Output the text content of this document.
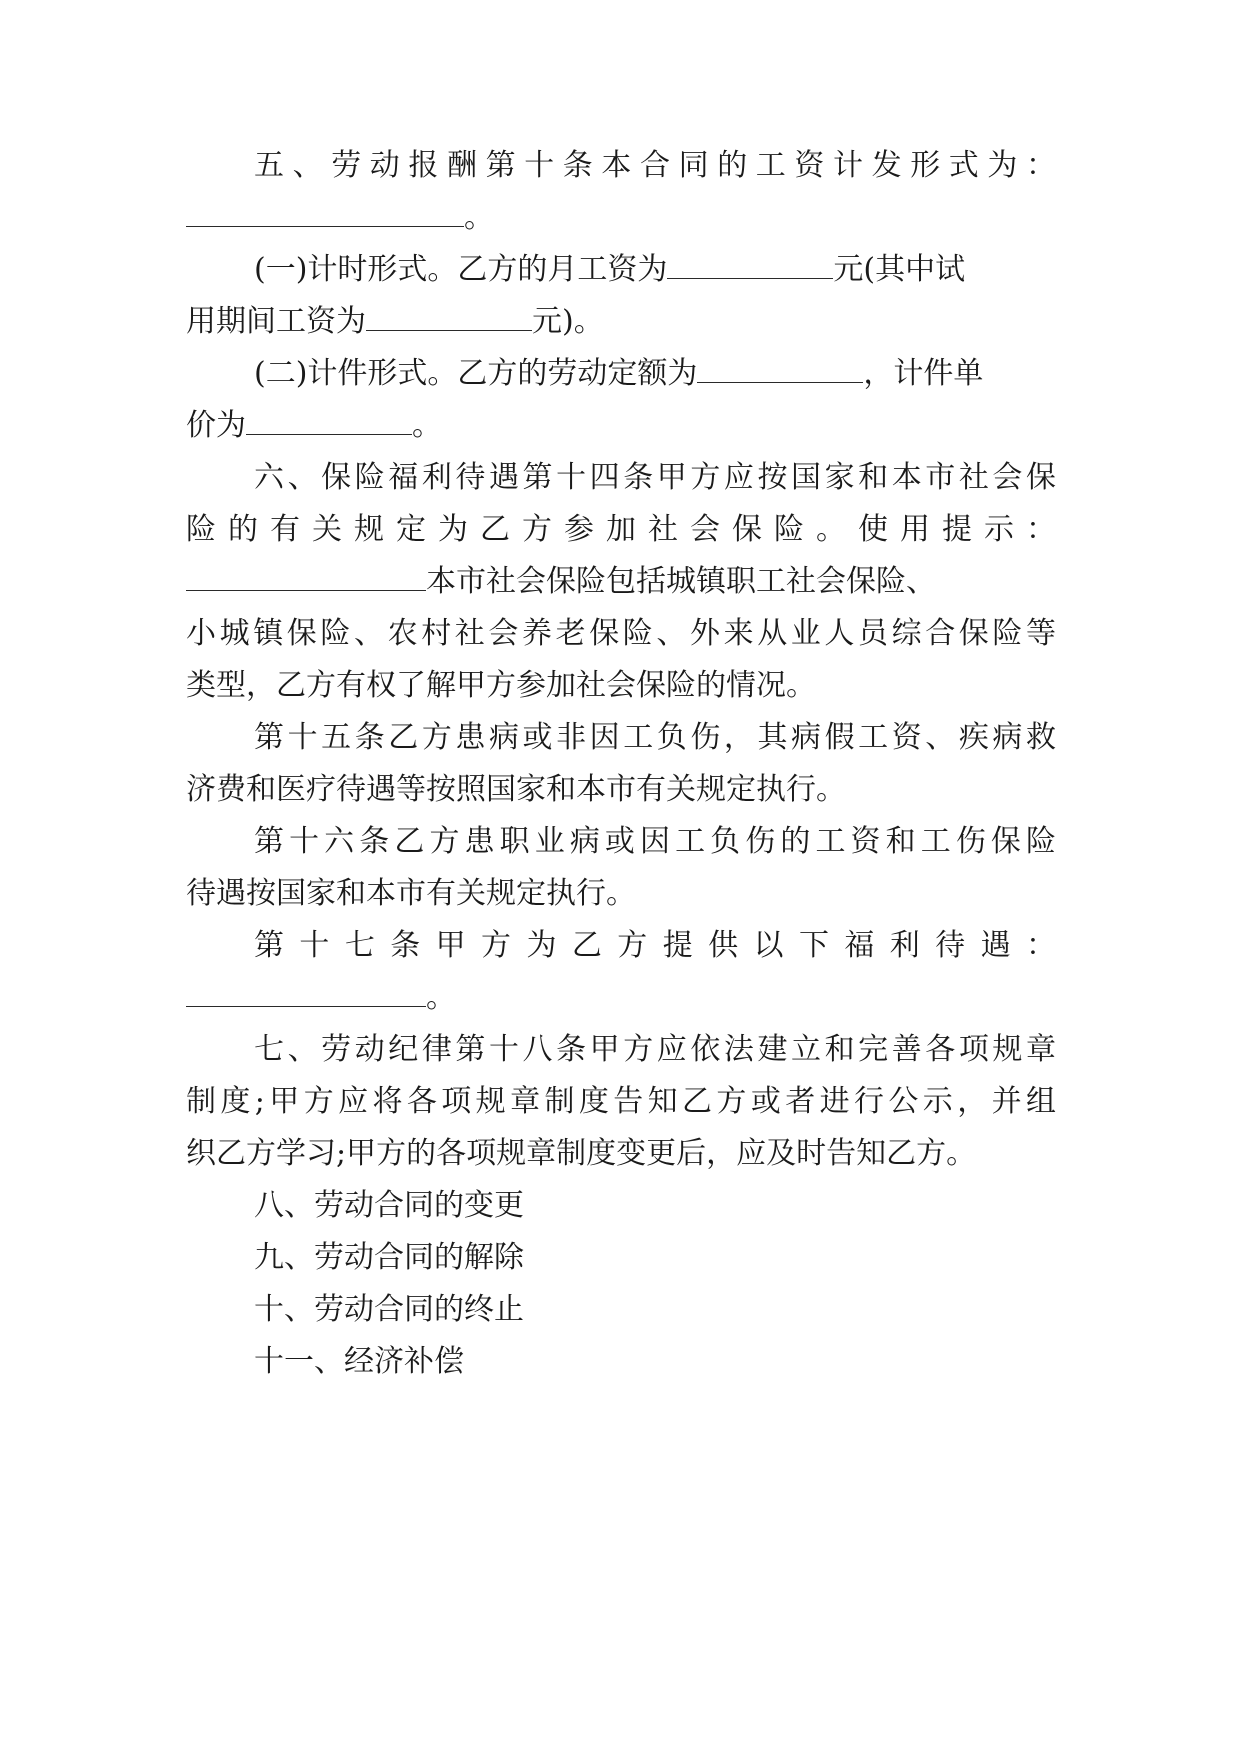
五、劳动报酬第十条本合同的工资计发形式为：
。
(一)计时形式。乙方的月工资为	元(其中试
用期间工资为	元)。
(二)计件形式。乙方的劳动定额为	，计件单
价为	。
六、保险福利待遇第十四条甲方应按国家和本市社会保
险的有关规定为乙方参加社会保险。使用提示：
本市社会保险包括城镇职工社会保险、
小城镇保险、农村社会养老保险、外来从业人员综合保险等
类型，乙方有权了解甲方参加社会保险的情况。
第十五条乙方患病或非因工负伤，其病假工资、疾病救
济费和医疗待遇等按照国家和本市有关规定执行。
第十六条乙方患职业病或因工负伤的工资和工伤保险
待遇按国家和本市有关规定执行。
第十七条甲方为乙方提供以下福利待遇：
。
七、劳动纪律第十八条甲方应依法建立和完善各项规章
制度;甲方应将各项规章制度告知乙方或者进行公示，并组
织乙方学习;甲方的各项规章制度变更后，应及时告知乙方。
八、劳动合同的变更
九、劳动合同的解除
十、劳动合同的终止
十一、经济补偿
